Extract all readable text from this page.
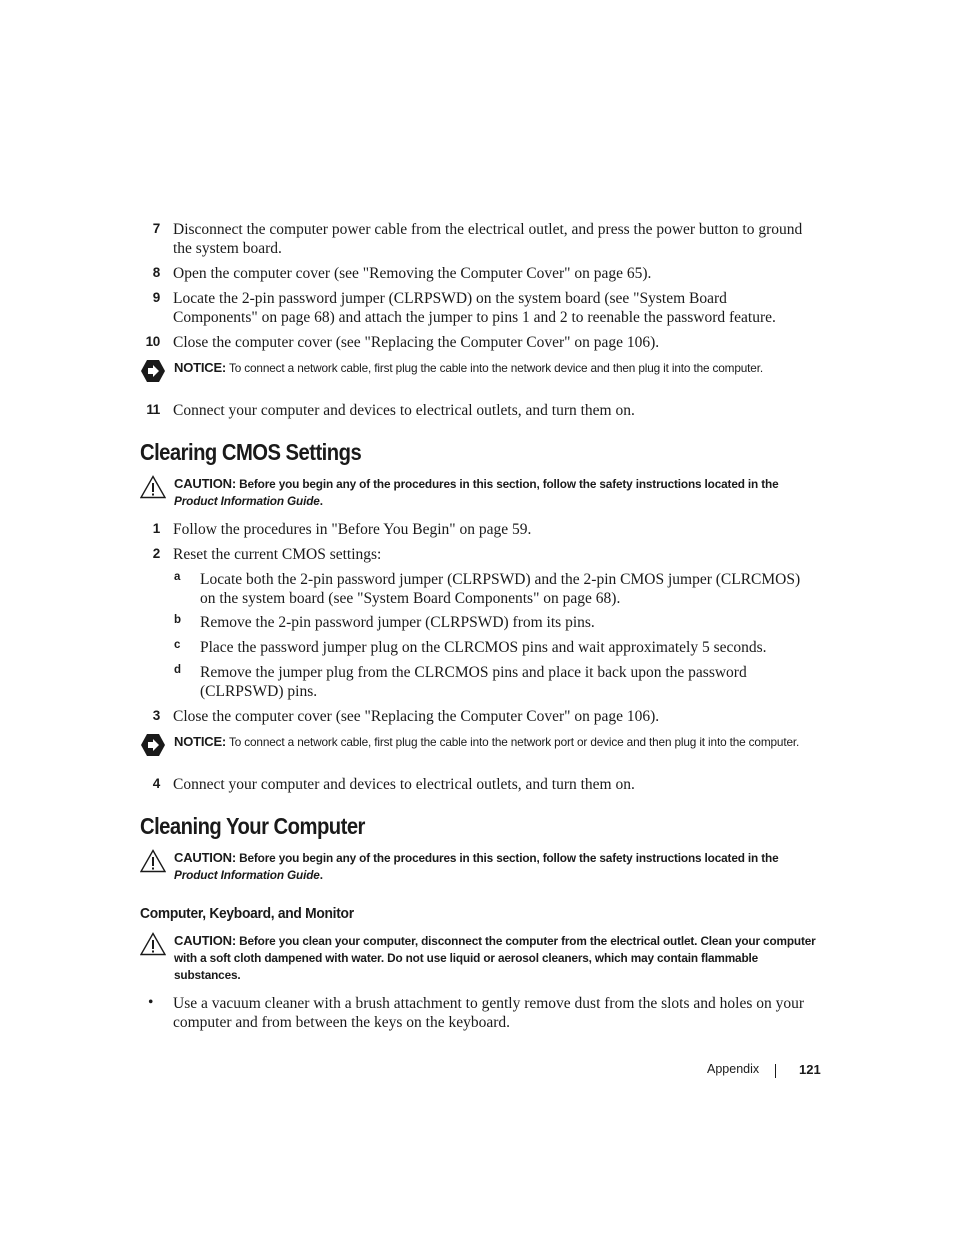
7 Disconnect the computer power cable from the electrical outlet, and press the power button to ground the system board.
8 Open the computer cover (see "Removing the Computer Cover" on page 65).
9 Locate the 2-pin password jumper (CLRPSWD) on the system board (see "System Board Components" on page 68) and attach the jumper to pins 1 and 2 to reenable the password feature.
10 Close the computer cover (see "Replacing the Computer Cover" on page 106).
NOTICE: To connect a network cable, first plug the cable into the network device and then plug it into the computer.
11 Connect your computer and devices to electrical outlets, and turn them on.
Clearing CMOS Settings
CAUTION: Before you begin any of the procedures in this section, follow the safety instructions located in the Product Information Guide.
1 Follow the procedures in "Before You Begin" on page 59.
2 Reset the current CMOS settings:
a Locate both the 2-pin password jumper (CLRPSWD) and the 2-pin CMOS jumper (CLRCMOS) on the system board (see "System Board Components" on page 68).
b Remove the 2-pin password jumper (CLRPSWD) from its pins.
c Place the password jumper plug on the CLRCMOS pins and wait approximately 5 seconds.
d Remove the jumper plug from the CLRCMOS pins and place it back upon the password (CLRPSWD) pins.
3 Close the computer cover (see "Replacing the Computer Cover" on page 106).
NOTICE: To connect a network cable, first plug the cable into the network port or device and then plug it into the computer.
4 Connect your computer and devices to electrical outlets, and turn them on.
Cleaning Your Computer
CAUTION: Before you begin any of the procedures in this section, follow the safety instructions located in the Product Information Guide.
Computer, Keyboard, and Monitor
CAUTION: Before you clean your computer, disconnect the computer from the electrical outlet. Clean your computer with a soft cloth dampened with water. Do not use liquid or aerosol cleaners, which may contain flammable substances.
• Use a vacuum cleaner with a brush attachment to gently remove dust from the slots and holes on your computer and from between the keys on the keyboard.
Appendix	121
